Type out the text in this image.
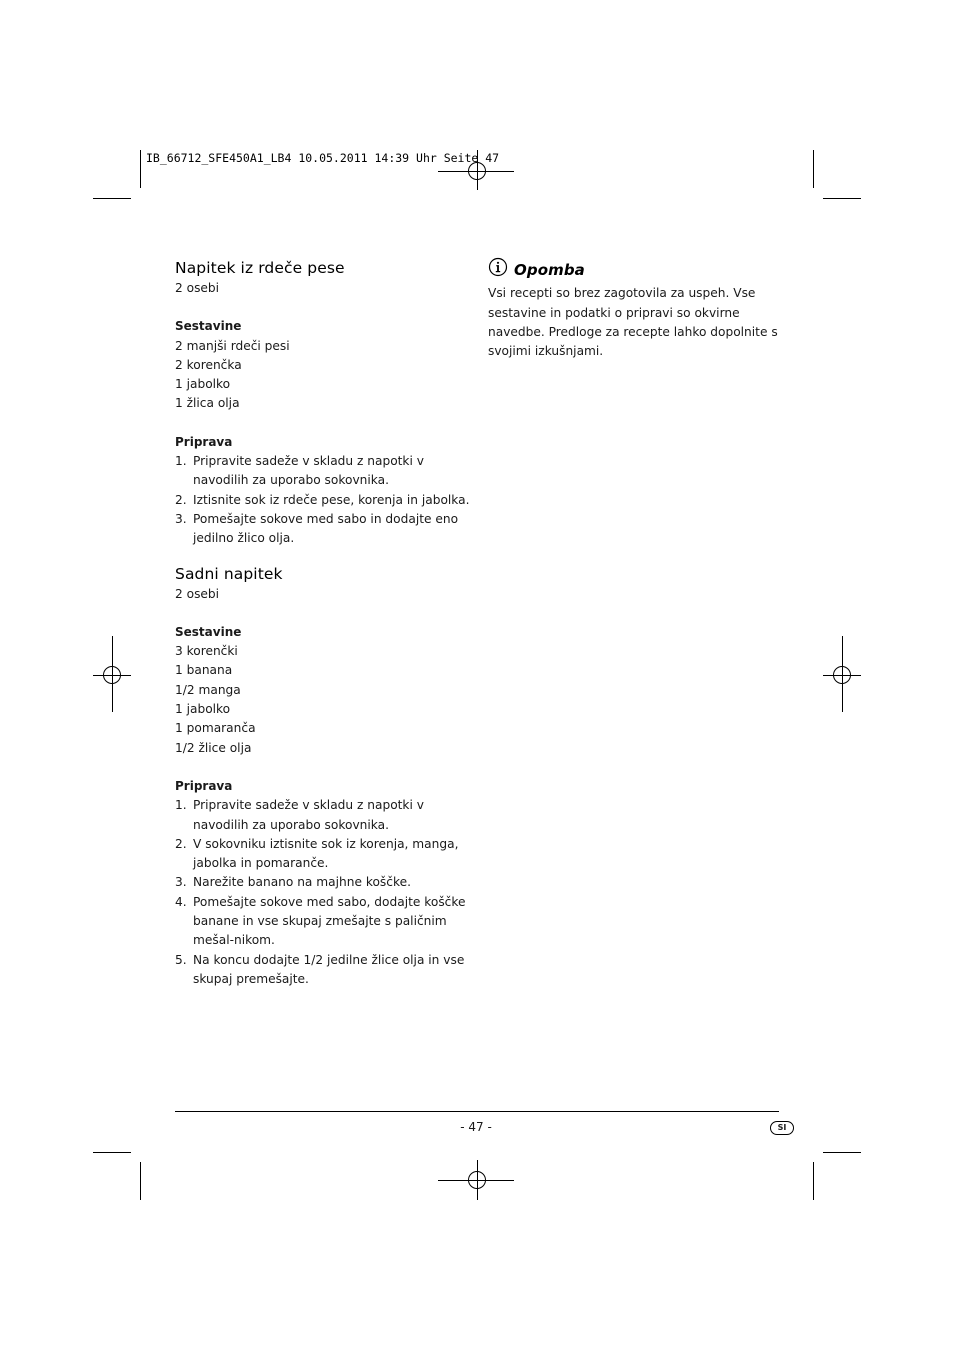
IB_66712_SFE450A1_LB4 10.05.2011 14:39 Uhr Seite 47
Napitek iz rdeče pese

2 osebi

Sestavine

2 manjši rdeči pesi

2 korenčka

1 jabolko

1 žlica olja

Priprava

1. Pripravite sadeže v skladu z napotki v navodilih za uporabo sokovnika.
2. Iztisnite sok iz rdeče pese, korenja in jabolka.
3. Pomešajte sokove med sabo in dodajte eno jedilno žlico olja.
Sadni napitek

2 osebi

Sestavine

3 korenčki

1 banana

1/2 manga

1 jabolko

1 pomaranča

1/2 žlice olja

Priprava

1. Pripravite sadeže v skladu z napotki v navodilih za uporabo sokovnika.
2. V sokovniku iztisnite sok iz korenja, manga, jabolka in pomaranče.
3. Narežite banano na majhne koščke.
4. Pomešajte sokove med sabo, dodajte koščke banane in vse skupaj zmešajte s paličnim mešal-nikom.
5. Na koncu dodajte 1/2 jedilne žlice olja in vse skupaj premešajte.
Opomba

Vsi recepti so brez zagotovila za uspeh. Vse sestavine in podatki o pripravi so okvirne navedbe. Predloge za recepte lahko dopolnite s svojimi izkušnjami.

- 47 -	SI
